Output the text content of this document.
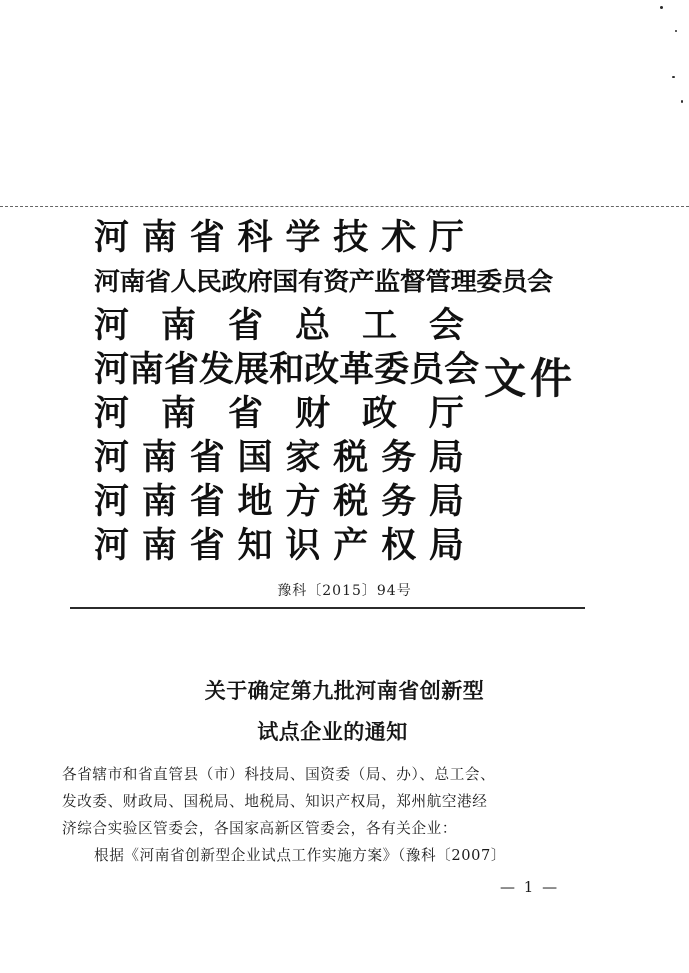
河 南 省 科 学 技 术 厅
河南省人民政府国有资产监督管理委员会
河 南 省 总 工 会
河 南 省 发 展 和 改 革 委 员 会
河 南 省 财 政 厅
河 南 省 国 家 税 务 局
河 南 省 地 方 税 务 局
河 南 省 知 识 产 权 局
文件
豫科〔2015〕94号
关于确定第九批河南省创新型
试点企业的通知
各省辖市和省直管县（市）科技局、国资委（局、办）、总工会、
发改委、财政局、国税局、地税局、知识产权局，郑州航空港经
济综合实验区管委会，各国家高新区管委会，各有关企业：
根据《河南省创新型企业试点工作实施方案》（豫科〔2007〕
— 1 —
